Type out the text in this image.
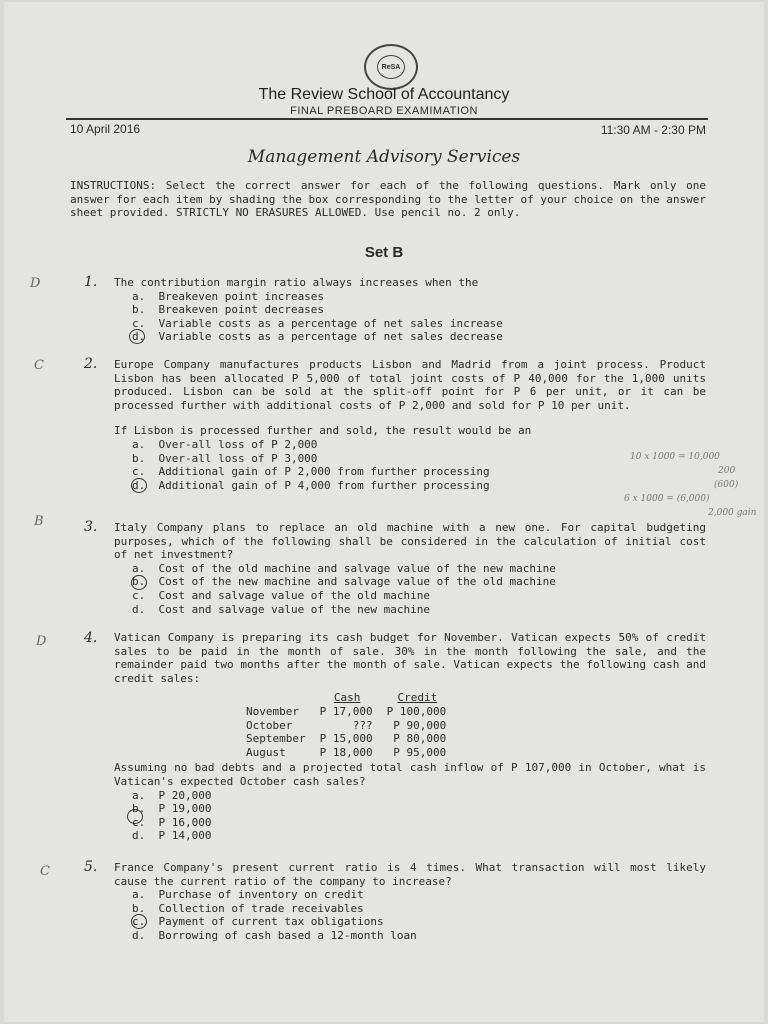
ReSA
The Review School of Accountancy
FINAL PREBOARD EXAMIMATION
10 April 2016	11:30 AM - 2:30 PM
Management Advisory Services
INSTRUCTIONS: Select the correct answer for each of the following questions. Mark only one answer for each item by shading the box corresponding to the letter of your choice on the answer sheet provided. STRICTLY NO ERASURES ALLOWED. Use pencil no. 2 only.
Set B
D	1. The contribution margin ratio always increases when the

a.  Breakeven point increases
b.  Breakeven point decreases
c.  Variable costs as a percentage of net sales increase
d.  Variable costs as a percentage of net sales decrease
C	2. Europe Company manufactures products Lisbon and Madrid from a joint process. Product Lisbon has been allocated P 5,000 of total joint costs of P 40,000 for the 1,000 units produced. Lisbon can be sold at the split-off point for P 6 per unit, or it can be processed further with additional costs of P 2,000 and sold for P 10 per unit.

If Lisbon is processed further and sold, the result would be an

a.  Over-all loss of P 2,000
b.  Over-all loss of P 3,000
c.  Additional gain of P 2,000 from further processing
d.  Additional gain of P 4,000 from further processing
10 x 1000 = 10,000
200
(600)
6 x 1000 = (6,000)
2,000 gain
B	3. Italy Company plans to replace an old machine with a new one. For capital budgeting purposes, which of the following shall be considered in the calculation of initial cost of net investment?

a.  Cost of the old machine and salvage value of the new machine
b.  Cost of the new machine and salvage value of the old machine
c.  Cost and salvage value of the old machine
d.  Cost and salvage value of the new machine
D	4. Vatican Company is preparing its cash budget for November. Vatican expects 50% of credit sales to be paid in the month of sale. 30% in the month following the sale, and the remainder paid two months after the month of sale. Vatican expects the following cash and credit sales:

	Cash	Credit
November	P 17,000	P 100,000
October	???	P 90,000
September	P 15,000	P 80,000
August	P 18,000	P 95,000

Assuming no bad debts and a projected total cash inflow of P 107,000 in October, what is Vatican's expected October cash sales?

a.  P 20,000
b.  P 19,000
c.  P 16,000
d.  P 14,000
C 5. France Company's present current ratio is 4 times. What transaction will most likely cause the current ratio of the company to increase?

a.  Purchase of inventory on credit
b.  Collection of trade receivables
c.  Payment of current tax obligations
d.  Borrowing of cash based a 12-month loan
